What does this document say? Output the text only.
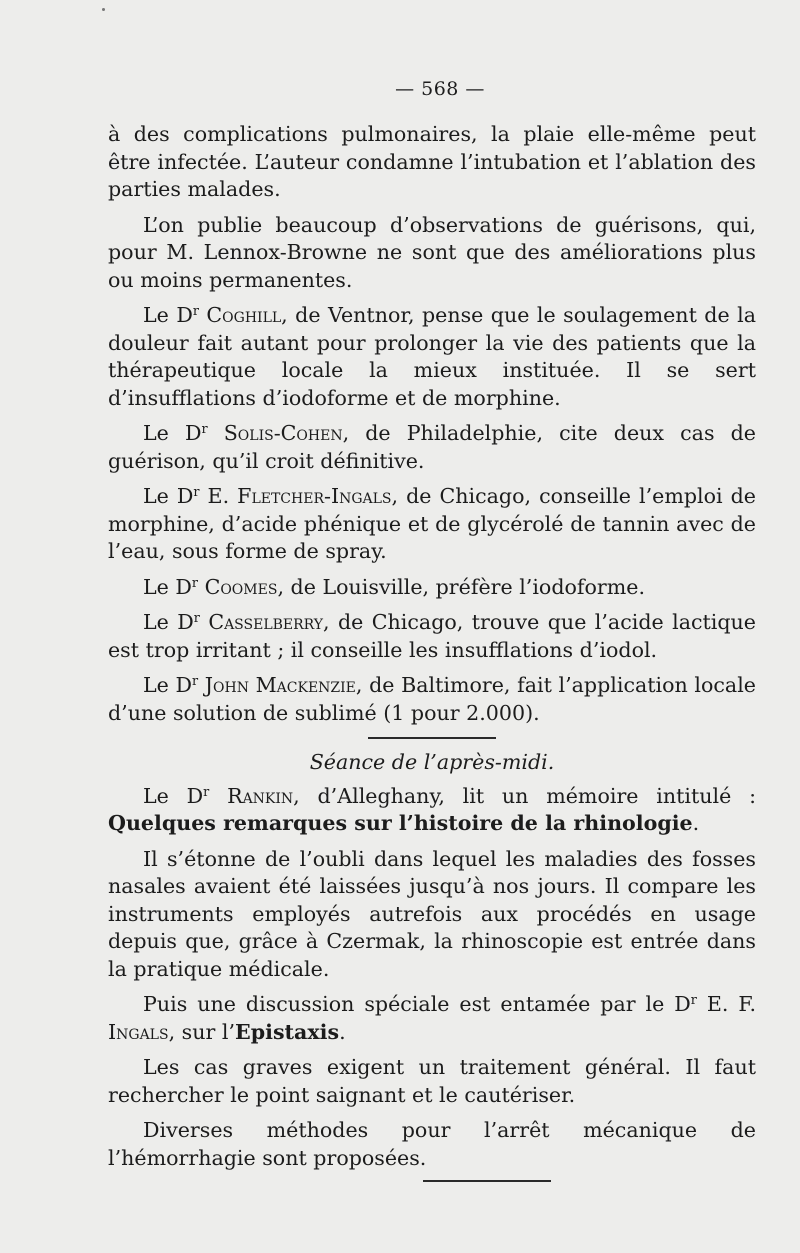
— 568 —

à des complications pulmonaires, la plaie elle-même peut être infectée. L’auteur condamne l’intubation et l’ablation des parties malades.

L’on publie beaucoup d’observations de guérisons, qui, pour M. Lennox-Browne ne sont que des améliorations plus ou moins permanentes.

Le $D^r$ Coghill, de Ventnor, pense que le soulagement de la douleur fait autant pour prolonger la vie des patients que la thérapeutique locale la mieux instituée. Il se sert d’insufflations d’iodoforme et de morphine.

Le $D^r$ Solis-Cohen, de Philadelphie, cite deux cas de guérison, qu’il croit définitive.

Le $D^r$ E. Fletcher-Ingals, de Chicago, conseille l’emploi de morphine, d’acide phénique et de glycérolé de tannin avec de l’eau, sous forme de spray.

Le $D^r$ Coomes, de Louisville, préfère l’iodoforme.

Le $D^r$ Casselberry, de Chicago, trouve que l’acide lactique est trop irritant ; il conseille les insufflations d’iodol.

Le $D^r$ John Mackenzie, de Baltimore, fait l’application locale d’une solution de sublimé (1 pour 2.000).

Séance de l’après-midi.

Le $D^r$ Rankin, d’Alleghany, lit un mémoire intitulé : Quelques remarques sur l’histoire de la rhinologie.

Il s’étonne de l’oubli dans lequel les maladies des fosses nasales avaient été laissées jusqu’à nos jours. Il compare les instruments employés autrefois aux procédés en usage depuis que, grâce à Czermak, la rhinoscopie est entrée dans la pratique médicale.

Puis une discussion spéciale est entamée par le $D^r$ E. F. Ingals, sur l’Epistaxis.

Les cas graves exigent un traitement général. Il faut rechercher le point saignant et le cautériser.

Diverses méthodes pour l’arrêt mécanique de l’hémorrhagie sont proposées.
